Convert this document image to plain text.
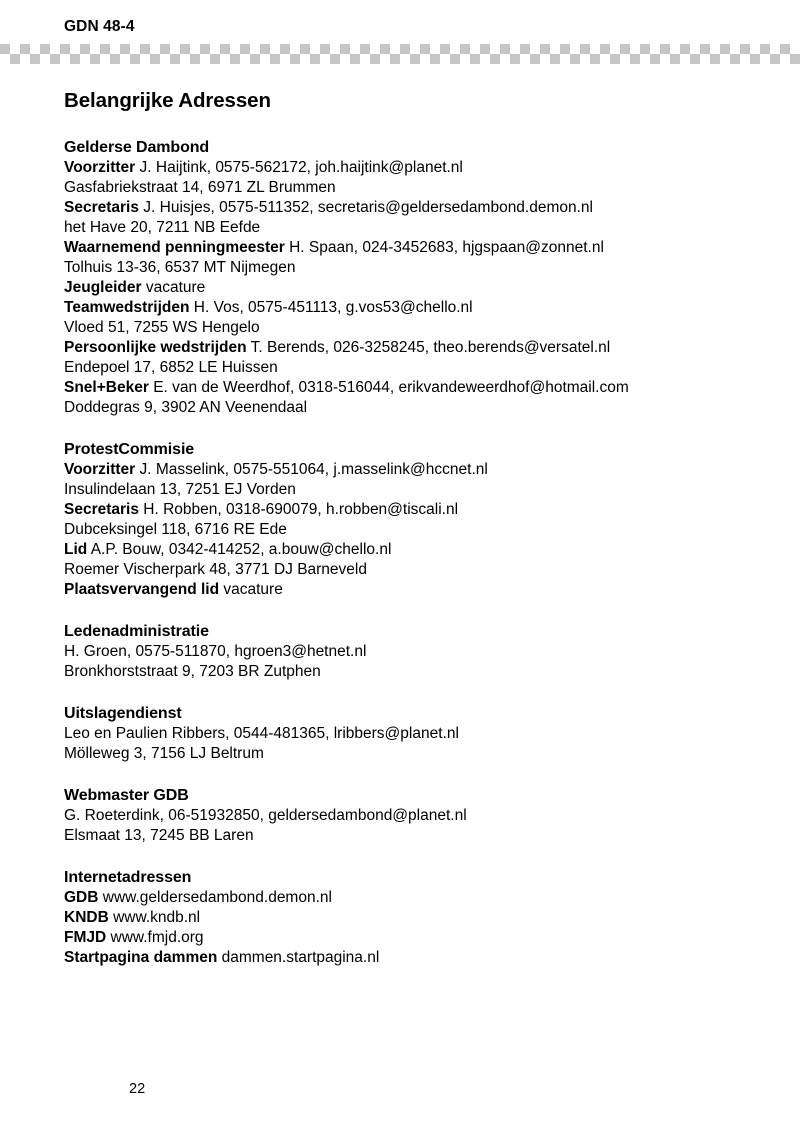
GDN 48-4
Belangrijke Adressen
Gelderse Dambond
Voorzitter J. Haijtink, 0575-562172, joh.haijtink@planet.nl
Gasfabriekstraat 14, 6971 ZL Brummen
Secretaris J. Huisjes, 0575-511352, secretaris@geldersedambond.demon.nl
het Have 20, 7211 NB Eefde
Waarnemend penningmeester H. Spaan, 024-3452683, hjgspaan@zonnet.nl
Tolhuis 13-36, 6537 MT Nijmegen
Jeugleider vacature
Teamwedstrijden H. Vos, 0575-451113, g.vos53@chello.nl
Vloed 51, 7255 WS Hengelo
Persoonlijke wedstrijden T. Berends, 026-3258245, theo.berends@versatel.nl
Endepoel 17, 6852 LE Huissen
Snel+Beker E. van de Weerdhof, 0318-516044, erikvandeweerdhof@hotmail.com
Doddegras 9, 3902 AN Veenendaal
ProtestCommisie
Voorzitter J. Masselink, 0575-551064, j.masselink@hccnet.nl
Insulindelaan 13, 7251 EJ Vorden
Secretaris H. Robben, 0318-690079, h.robben@tiscali.nl
Dubceksingel 118, 6716 RE Ede
Lid A.P. Bouw, 0342-414252, a.bouw@chello.nl
Roemer Vischerpark 48, 3771 DJ Barneveld
Plaatsvervangend lid vacature
Ledenadministratie
H. Groen, 0575-511870, hgroen3@hetnet.nl
Bronkhorststraat 9, 7203 BR Zutphen
Uitslagendienst
Leo en Paulien Ribbers, 0544-481365, lribbers@planet.nl
Mölleweg 3, 7156 LJ Beltrum
Webmaster GDB
G. Roeterdink, 06-51932850, geldersedambond@planet.nl
Elsmaat 13, 7245 BB Laren
Internetadressen
GDB www.geldersedambond.demon.nl
KNDB www.kndb.nl
FMJD www.fmjd.org
Startpagina dammen dammen.startpagina.nl
22
